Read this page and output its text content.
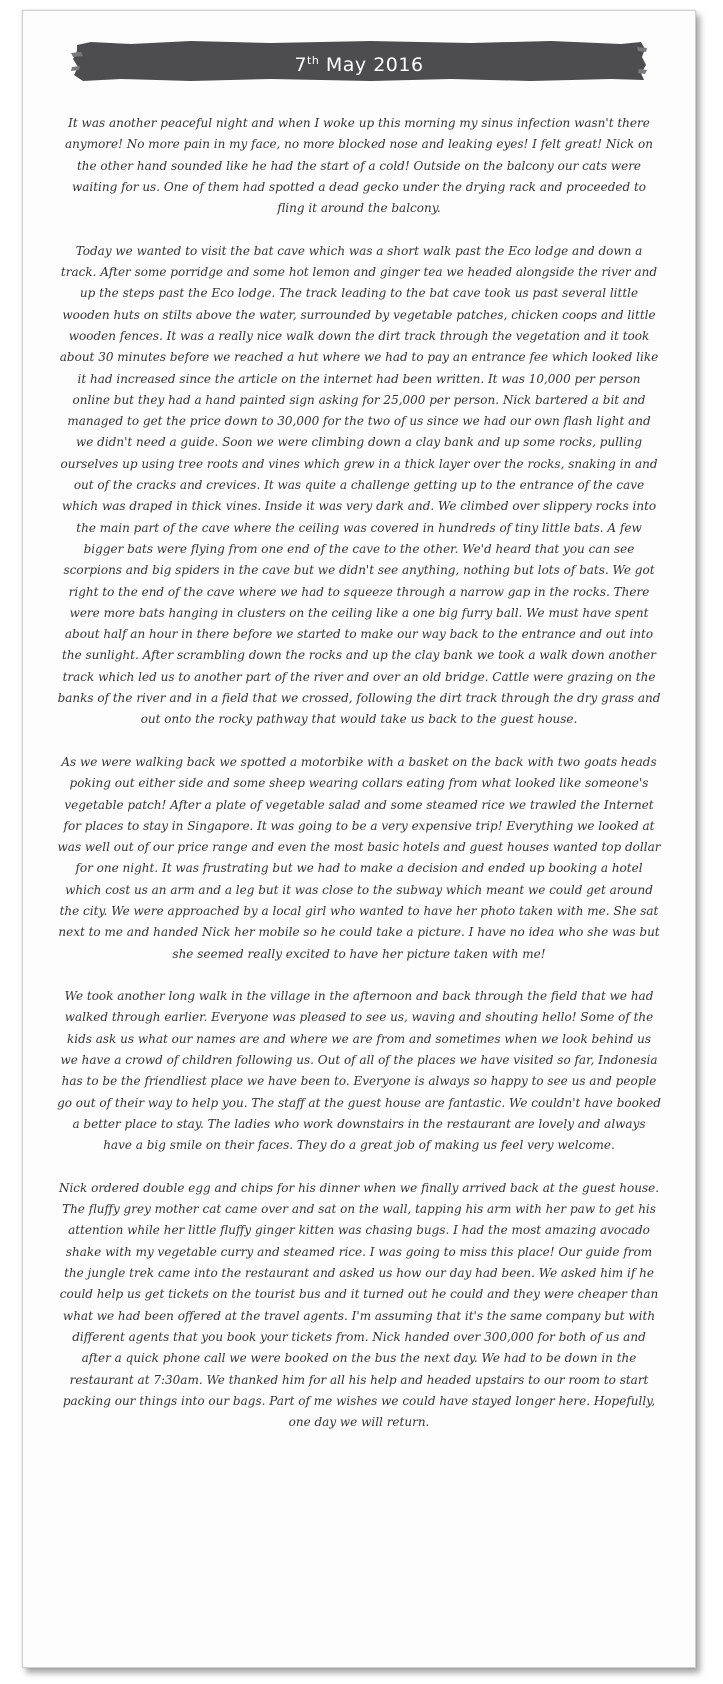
7th May 2016

It was another peaceful night and when I woke up this morning my sinus infection wasn't there anymore! No more pain in my face, no more blocked nose and leaking eyes! I felt great! Nick on the other hand sounded like he had the start of a cold! Outside on the balcony our cats were waiting for us. One of them had spotted a dead gecko under the drying rack and proceeded to fling it around the balcony.

Today we wanted to visit the bat cave which was a short walk past the Eco lodge and down a track. After some porridge and some hot lemon and ginger tea we headed alongside the river and up the steps past the Eco lodge. The track leading to the bat cave took us past several little wooden huts on stilts above the water, surrounded by vegetable patches, chicken coops and little wooden fences. It was a really nice walk down the dirt track through the vegetation and it took about 30 minutes before we reached a hut where we had to pay an entrance fee which looked like it had increased since the article on the internet had been written. It was 10,000 per person online but they had a hand painted sign asking for 25,000 per person. Nick bartered a bit and managed to get the price down to 30,000 for the two of us since we had our own flash light and we didn't need a guide. Soon we were climbing down a clay bank and up some rocks, pulling ourselves up using tree roots and vines which grew in a thick layer over the rocks, snaking in and out of the cracks and crevices. It was quite a challenge getting up to the entrance of the cave which was draped in thick vines. Inside it was very dark and. We climbed over slippery rocks into the main part of the cave where the ceiling was covered in hundreds of tiny little bats. A few bigger bats were flying from one end of the cave to the other. We'd heard that you can see scorpions and big spiders in the cave but we didn't see anything, nothing but lots of bats. We got right to the end of the cave where we had to squeeze through a narrow gap in the rocks. There were more bats hanging in clusters on the ceiling like a one big furry ball. We must have spent about half an hour in there before we started to make our way back to the entrance and out into the sunlight. After scrambling down the rocks and up the clay bank we took a walk down another track which led us to another part of the river and over an old bridge. Cattle were grazing on the banks of the river and in a field that we crossed, following the dirt track through the dry grass and out onto the rocky pathway that would take us back to the guest house.

As we were walking back we spotted a motorbike with a basket on the back with two goats heads poking out either side and some sheep wearing collars eating from what looked like someone's vegetable patch! After a plate of vegetable salad and some steamed rice we trawled the Internet for places to stay in Singapore. It was going to be a very expensive trip! Everything we looked at was well out of our price range and even the most basic hotels and guest houses wanted top dollar for one night. It was frustrating but we had to make a decision and ended up booking a hotel which cost us an arm and a leg but it was close to the subway which meant we could get around the city. We were approached by a local girl who wanted to have her photo taken with me. She sat next to me and handed Nick her mobile so he could take a picture. I have no idea who she was but she seemed really excited to have her picture taken with me!

We took another long walk in the village in the afternoon and back through the field that we had walked through earlier. Everyone was pleased to see us, waving and shouting hello! Some of the kids ask us what our names are and where we are from and sometimes when we look behind us we have a crowd of children following us. Out of all of the places we have visited so far, Indonesia has to be the friendliest place we have been to. Everyone is always so happy to see us and people go out of their way to help you. The staff at the guest house are fantastic. We couldn't have booked a better place to stay. The ladies who work downstairs in the restaurant are lovely and always have a big smile on their faces. They do a great job of making us feel very welcome.

Nick ordered double egg and chips for his dinner when we finally arrived back at the guest house. The fluffy grey mother cat came over and sat on the wall, tapping his arm with her paw to get his attention while her little fluffy ginger kitten was chasing bugs. I had the most amazing avocado shake with my vegetable curry and steamed rice. I was going to miss this place! Our guide from the jungle trek came into the restaurant and asked us how our day had been. We asked him if he could help us get tickets on the tourist bus and it turned out he could and they were cheaper than what we had been offered at the travel agents. I'm assuming that it's the same company but with different agents that you book your tickets from. Nick handed over 300,000 for both of us and after a quick phone call we were booked on the bus the next day. We had to be down in the restaurant at 7:30am. We thanked him for all his help and headed upstairs to our room to start packing our things into our bags. Part of me wishes we could have stayed longer here. Hopefully, one day we will return.
